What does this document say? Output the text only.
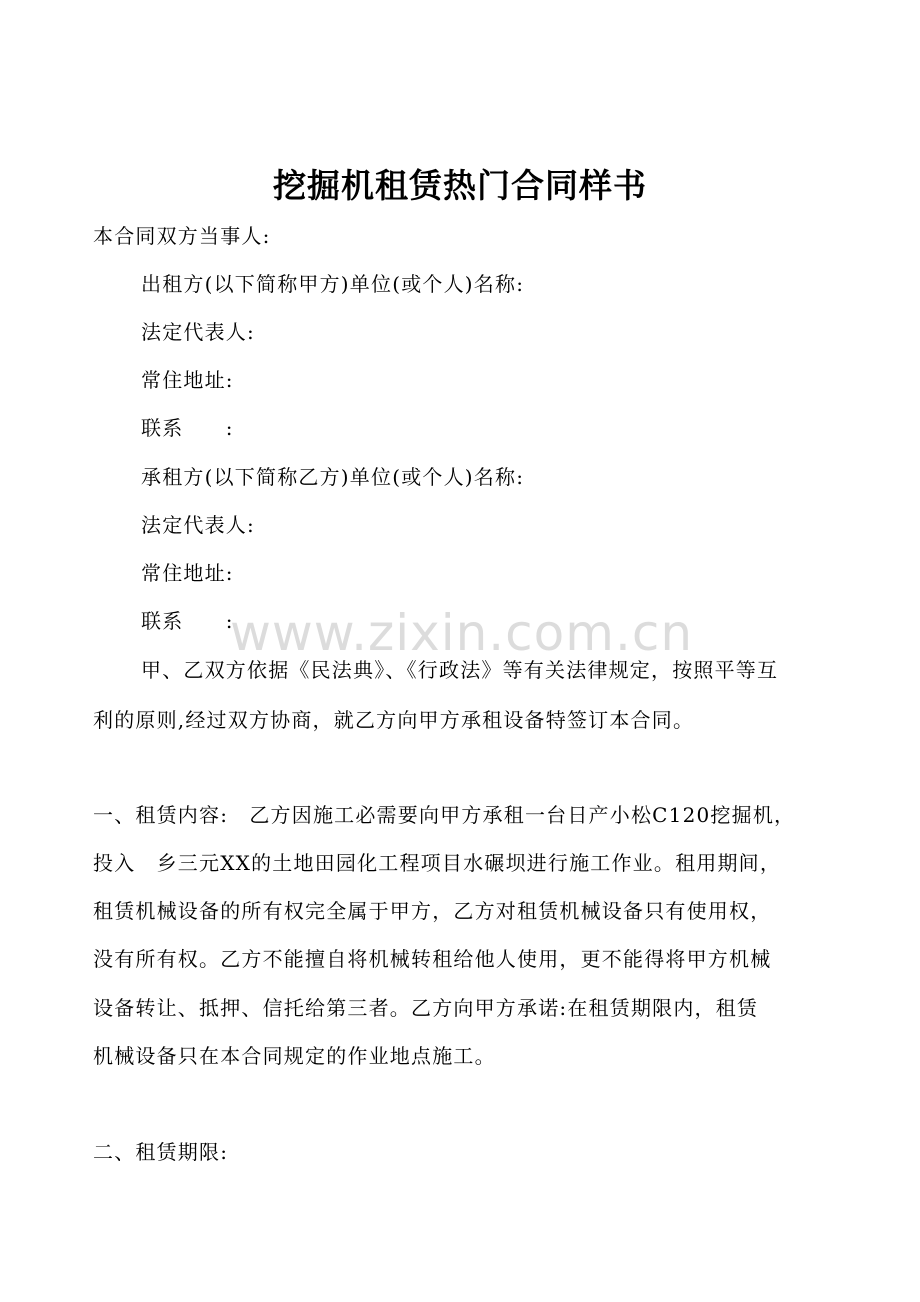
挖掘机租赁热门合同样书
本合同双方当事人:
出租方(以下简称甲方)单位(或个人)名称:
法定代表人:
常住地址:
联系　　:
承租方(以下简称乙方)单位(或个人)名称:
法定代表人:
常住地址:
联系　　:
甲、乙双方依据《民法典》、《行政法》等有关法律规定，按照平等互
利的原则,经过双方协商，就乙方向甲方承租设备特签订本合同。
一、租赁内容:　乙方因施工必需要向甲方承租一台日产小松C120挖掘机，
投入　乡三元XX的土地田园化工程项目水碾坝进行施工作业。租用期间，
租赁机械设备的所有权完全属于甲方，乙方对租赁机械设备只有使用权，
没有所有权。乙方不能擅自将机械转租给他人使用，更不能得将甲方机械
设备转让、抵押、信托给第三者。乙方向甲方承诺:在租赁期限内，租赁
机械设备只在本合同规定的作业地点施工。
二、租赁期限:
www.zixin.com.cn
